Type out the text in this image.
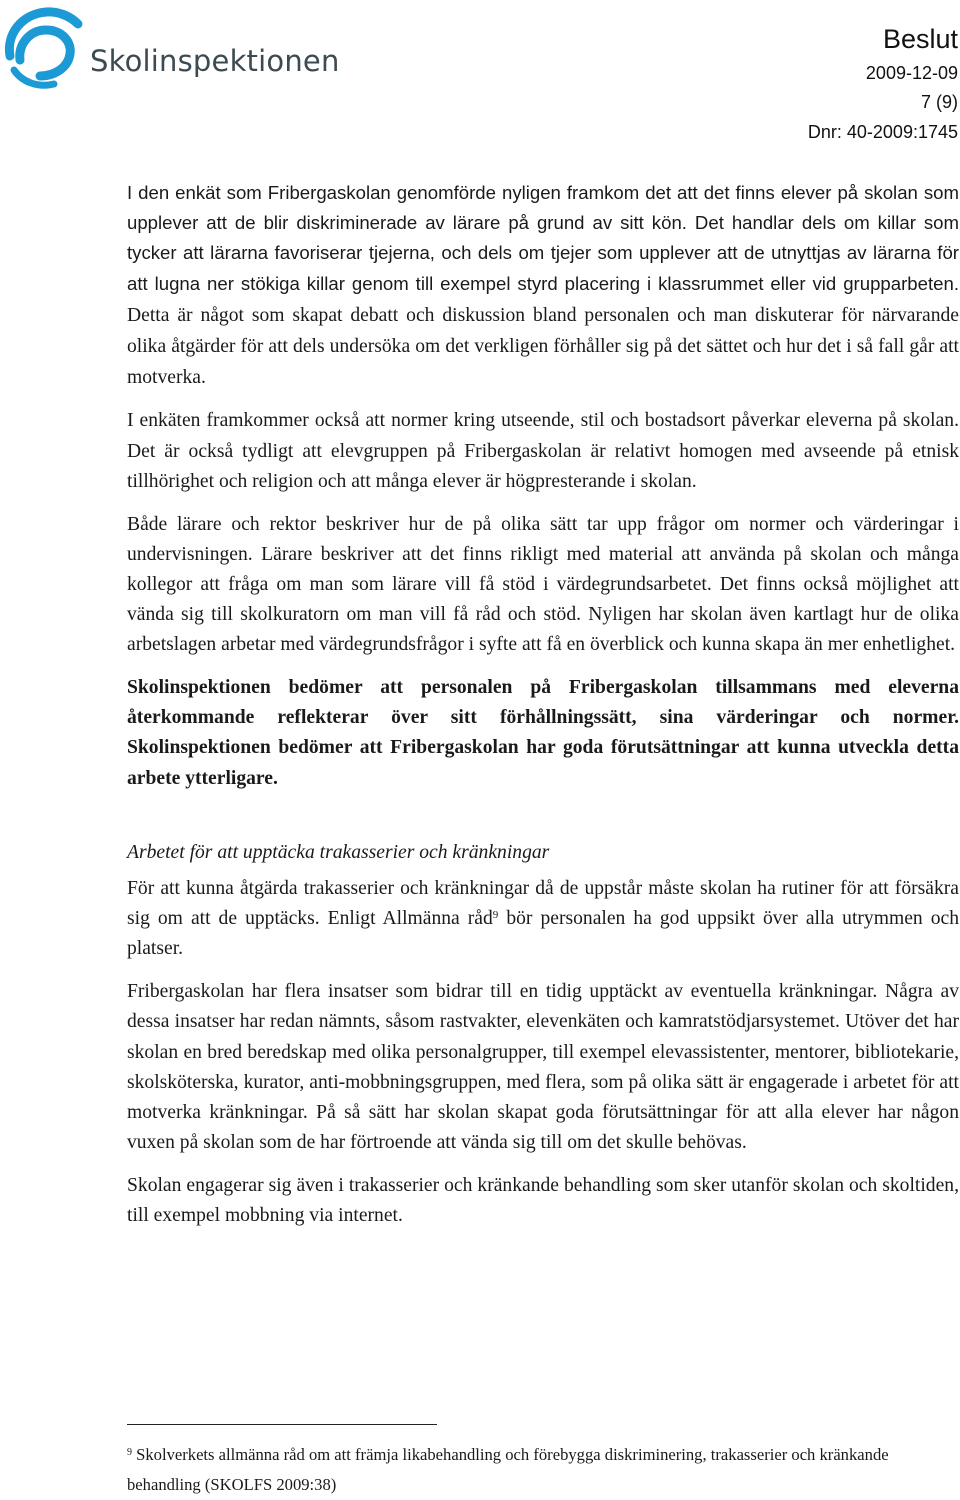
Skolinspektionen
Beslut
2009-12-09
7 (9)
Dnr: 40-2009:1745

I den enkät som Fribergaskolan genomförde nyligen framkom det att det finns elever på skolan som upplever att de blir diskriminerade av lärare på grund av sitt kön. Det handlar dels om killar som tycker att lärarna favoriserar tjejerna, och dels om tjejer som upplever att de utnyttjas av lärarna för att lugna ner stökiga killar genom till exempel styrd placering i klassrummet eller vid grupparbeten. Detta är något som skapat debatt och diskussion bland personalen och man diskuterar för närvarande olika åtgärder för att dels undersöka om det verkligen förhåller sig på det sättet och hur det i så fall går att motverka.

I enkäten framkommer också att normer kring utseende, stil och bostadsort påverkar eleverna på skolan. Det är också tydligt att elevgruppen på Fribergaskolan är relativt homogen med avseende på etnisk tillhörighet och religion och att många elever är högpresterande i skolan.

Både lärare och rektor beskriver hur de på olika sätt tar upp frågor om normer och värderingar i undervisningen. Lärare beskriver att det finns rikligt med material att använda på skolan och många kollegor att fråga om man som lärare vill få stöd i värdegrundsarbetet. Det finns också möjlighet att vända sig till skolkuratorn om man vill få råd och stöd. Nyligen har skolan även kartlagt hur de olika arbetslagen arbetar med värdegrundsfrågor i syfte att få en överblick och kunna skapa än mer enhetlighet.

Skolinspektionen bedömer att personalen på Fribergaskolan tillsammans med eleverna återkommande reflekterar över sitt förhållningssätt, sina värderingar och normer. Skolinspektionen bedömer att Fribergaskolan har goda förutsättningar att kunna utveckla detta arbete ytterligare.

Arbetet för att upptäcka trakasserier och kränkningar

För att kunna åtgärda trakasserier och kränkningar då de uppstår måste skolan ha rutiner för att försäkra sig om att de upptäcks. Enligt Allmänna råd$^9$ bör personalen ha god uppsikt över alla utrymmen och platser.

Fribergaskolan har flera insatser som bidrar till en tidig upptäckt av eventuella kränkningar. Några av dessa insatser har redan nämnts, såsom rastvakter, elevenkäten och kamratstödjarsystemet. Utöver det har skolan en bred beredskap med olika personalgrupper, till exempel elevassistenter, mentorer, bibliotekarie, skolsköterska, kurator, anti-mobbningsgruppen, med flera, som på olika sätt är engagerade i arbetet för att motverka kränkningar. På så sätt har skolan skapat goda förutsättningar för att alla elever har någon vuxen på skolan som de har förtroende att vända sig till om det skulle behövas.

Skolan engagerar sig även i trakasserier och kränkande behandling som sker utanför skolan och skoltiden, till exempel mobbning via internet.

$^9$ Skolverkets allmänna råd om att främja likabehandling och förebygga diskriminering, trakasserier och kränkande behandling (SKOLFS 2009:38)
